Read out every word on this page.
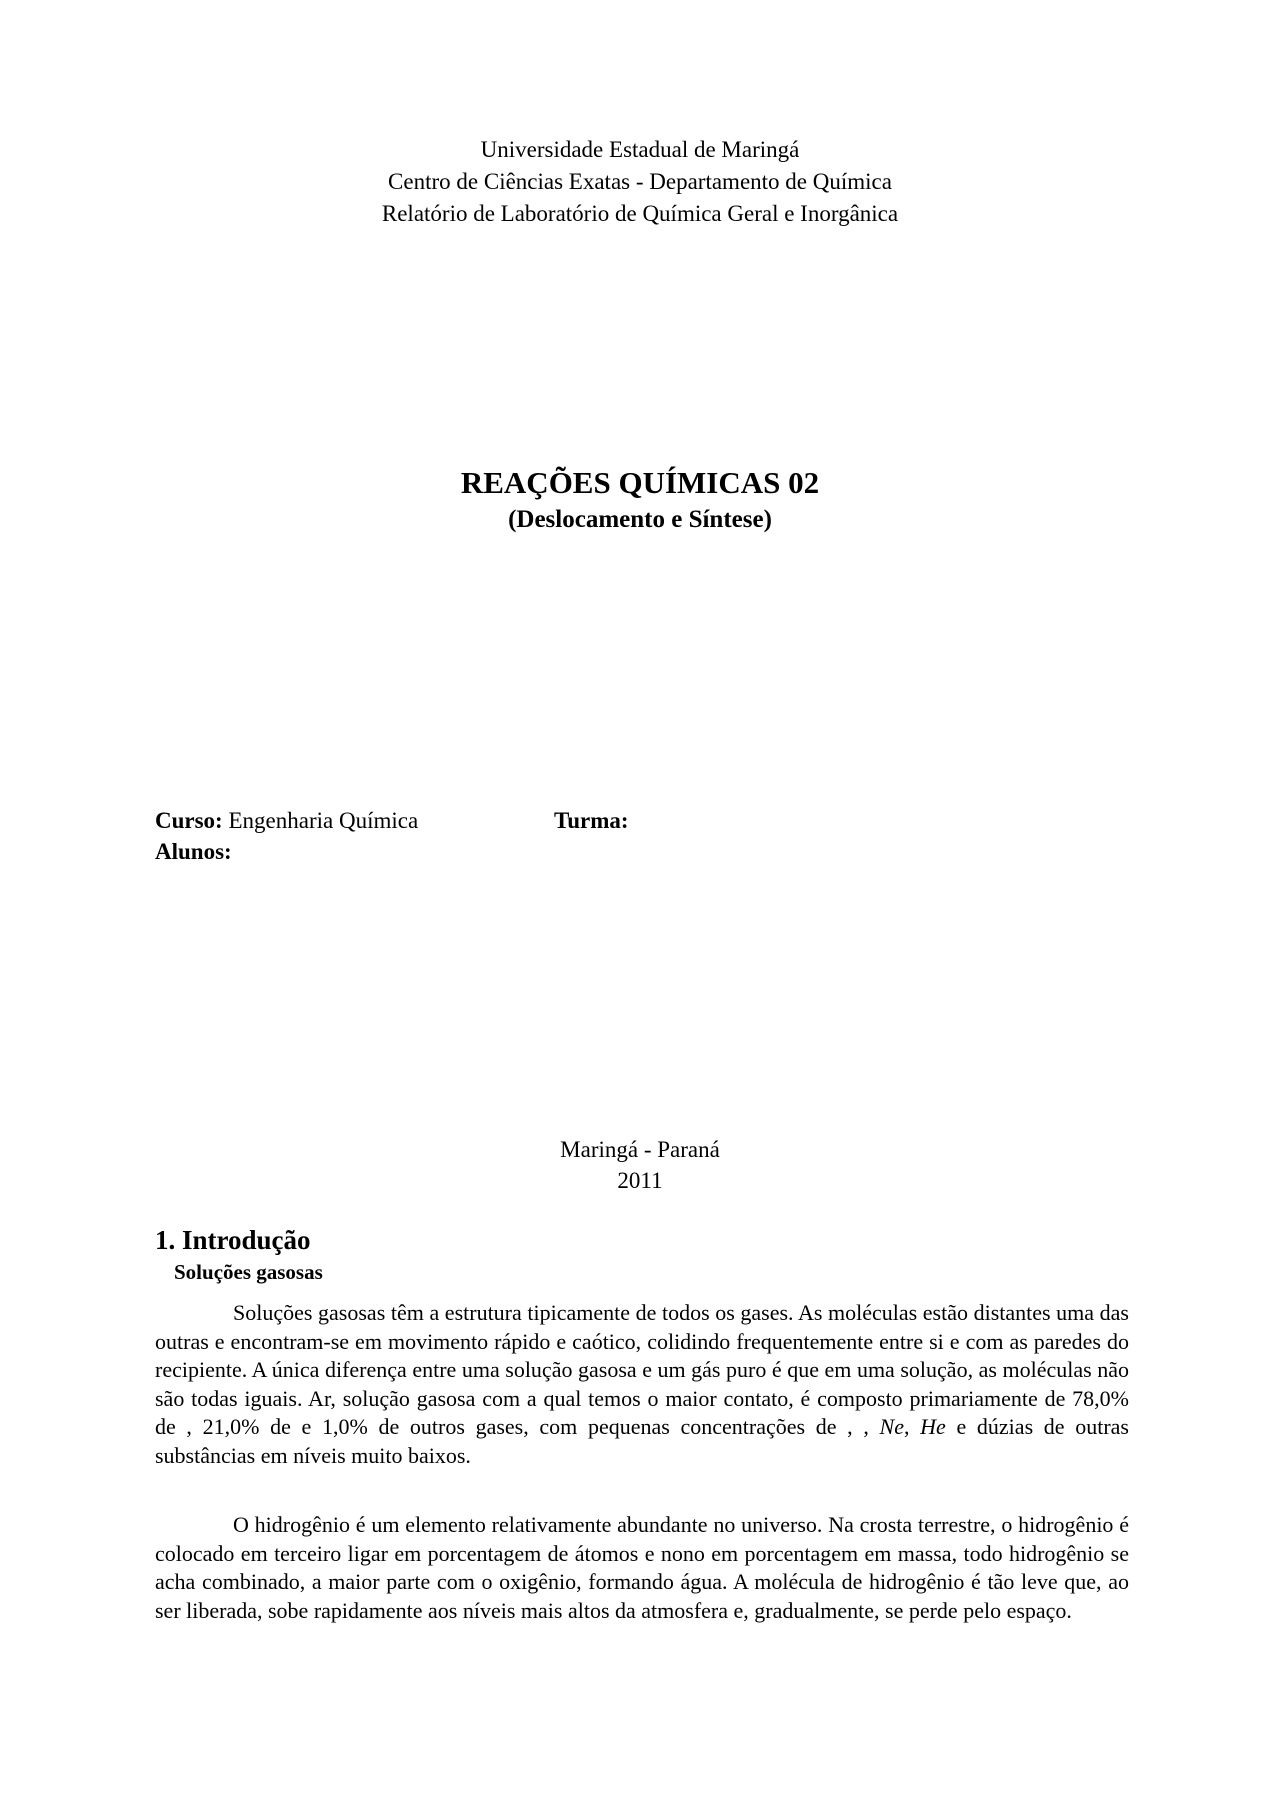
Universidade Estadual de Maringá
Centro de Ciências Exatas - Departamento de Química
Relatório de Laboratório de Química Geral e Inorgânica
REAÇÕES QUÍMICAS 02
(Deslocamento e Síntese)
Curso: Engenharia Química	Turma:
Alunos:
Maringá - Paraná
2011
1. Introdução
Soluções gasosas
Soluções gasosas têm a estrutura tipicamente de todos os gases. As moléculas estão distantes uma das outras e encontram-se em movimento rápido e caótico, colidindo frequentemente entre si e com as paredes do recipiente. A única diferença entre uma solução gasosa e um gás puro é que em uma solução, as moléculas não são todas iguais. Ar, solução gasosa com a qual temos o maior contato, é composto primariamente de 78,0% de , 21,0% de e 1,0% de outros gases, com pequenas concentrações de , , Ne, He e dúzias de outras substâncias em níveis muito baixos.
O hidrogênio é um elemento relativamente abundante no universo. Na crosta terrestre, o hidrogênio é colocado em terceiro ligar em porcentagem de átomos e nono em porcentagem em massa, todo hidrogênio se acha combinado, a maior parte com o oxigênio, formando água. A molécula de hidrogênio é tão leve que, ao ser liberada, sobe rapidamente aos níveis mais altos da atmosfera e, gradualmente, se perde pelo espaço.
